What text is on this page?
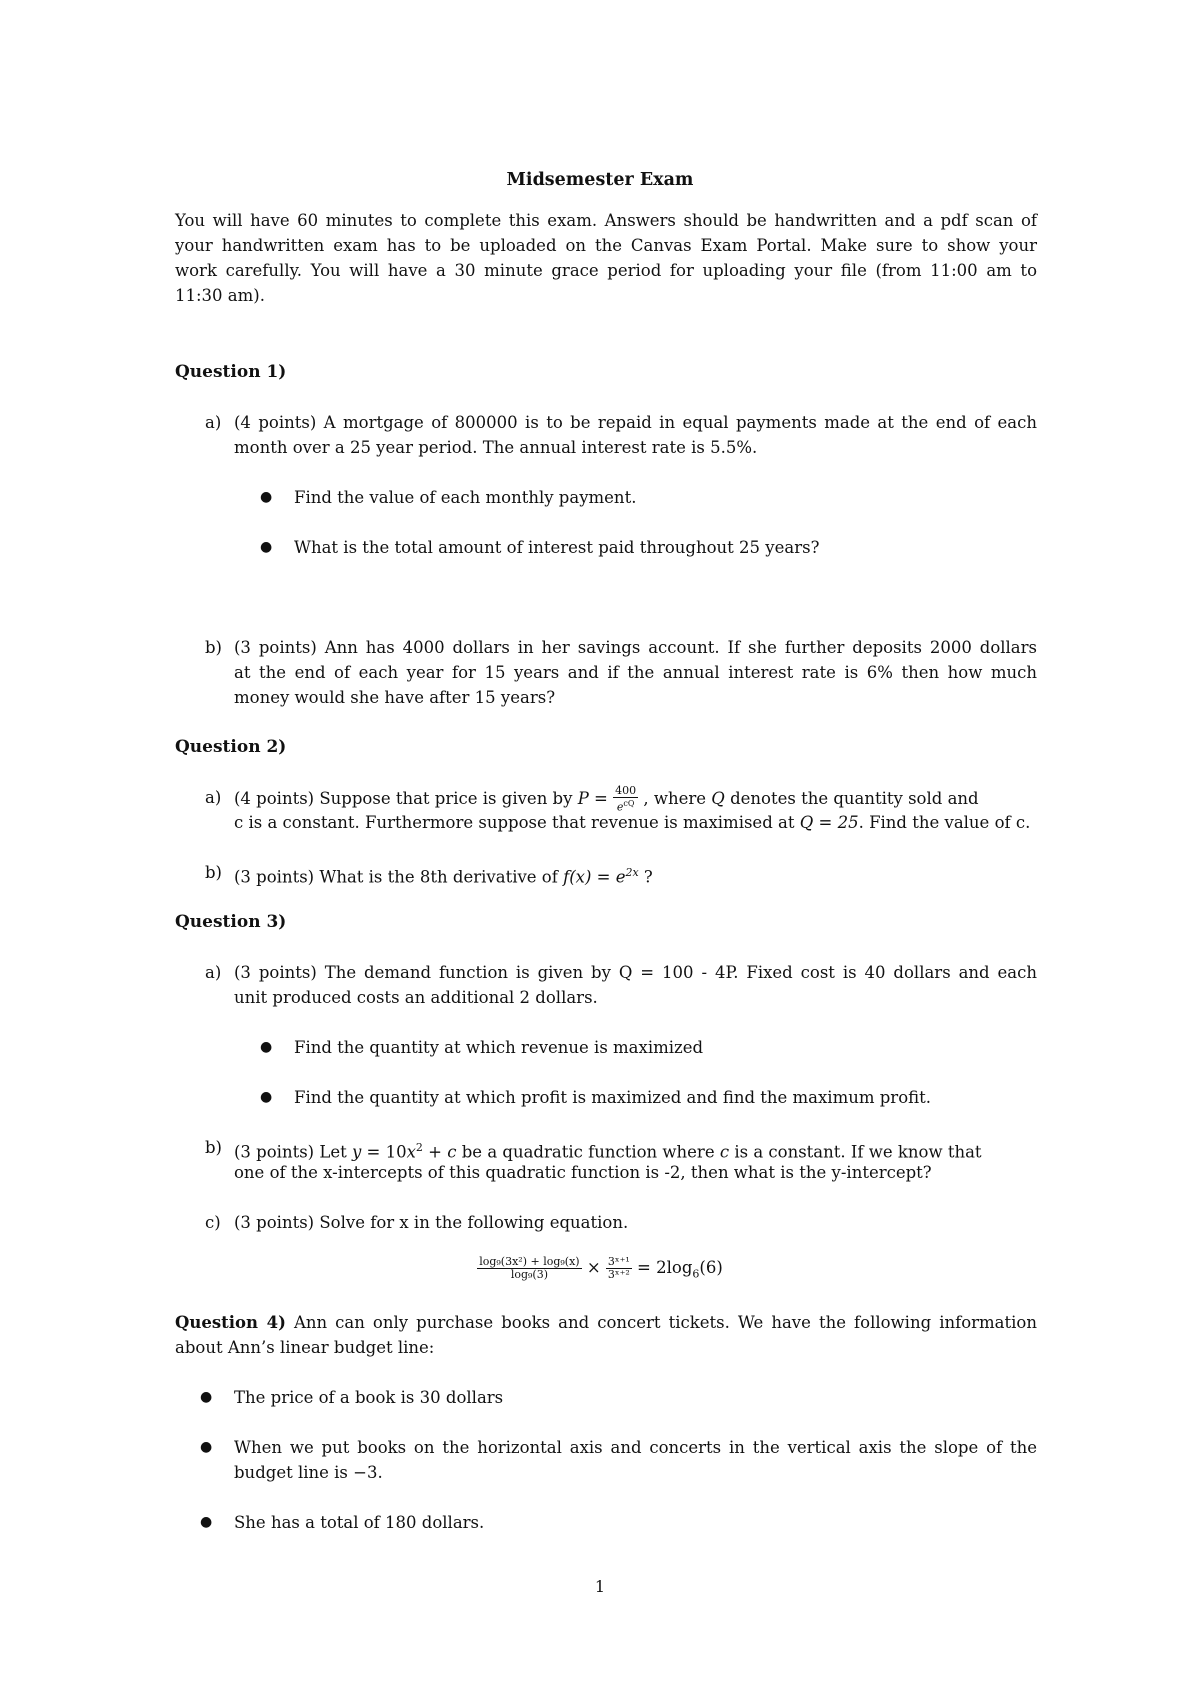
Midsemester Exam
You will have 60 minutes to complete this exam. Answers should be handwritten and a pdf scan of
your handwritten exam has to be uploaded on the Canvas Exam Portal. Make sure to show your
work carefully. You will have a 30 minute grace period for uploading your file (from 11:00 am to
11:30 am).
Question 1)
a) (4 points) A mortgage of 800000 is to be repaid in equal payments made at the end of each
month over a 25 year period. The annual interest rate is 5.5%.
● Find the value of each monthly payment.
● What is the total amount of interest paid throughout 25 years?
b) (3 points) Ann has 4000 dollars in her savings account. If she further deposits 2000 dollars
at the end of each year for 15 years and if the annual interest rate is 6% then how much
money would she have after 15 years?
Question 2)
a) (4 points) Suppose that price is given by $P = \frac{400}{e^{cQ}}$ , where Q denotes the quantity sold and
c is a constant. Furthermore suppose that revenue is maximised at Q = 25. Find the value of c.
b) (3 points) What is the 8th derivative of $f(x) = e^{2x}$ ?
Question 3)
a) (3 points) The demand function is given by Q = 100 - 4P. Fixed cost is 40 dollars and each
unit produced costs an additional 2 dollars.
● Find the quantity at which revenue is maximized
● Find the quantity at which profit is maximized and find the maximum profit.
b) (3 points) Let $y = 10x^2 + c$ be a quadratic function where c is a constant. If we know that
one of the x-intercepts of this quadratic function is -2, then what is the y-intercept?
c) (3 points) Solve for x in the following equation.
$\frac{\text{log₉(3x²) + log₉(x)}}{\text{log₉(3)}} \times \frac{\text{3ˣ⁺¹}}{\text{3ˣ⁺²}} = 2\log_6(6)$
Question 4) Ann can only purchase books and concert tickets. We have the following information
about Ann’s linear budget line:
● The price of a book is 30 dollars
● When we put books on the horizontal axis and concerts in the vertical axis the slope of the
budget line is −3.
● She has a total of 180 dollars.
1
